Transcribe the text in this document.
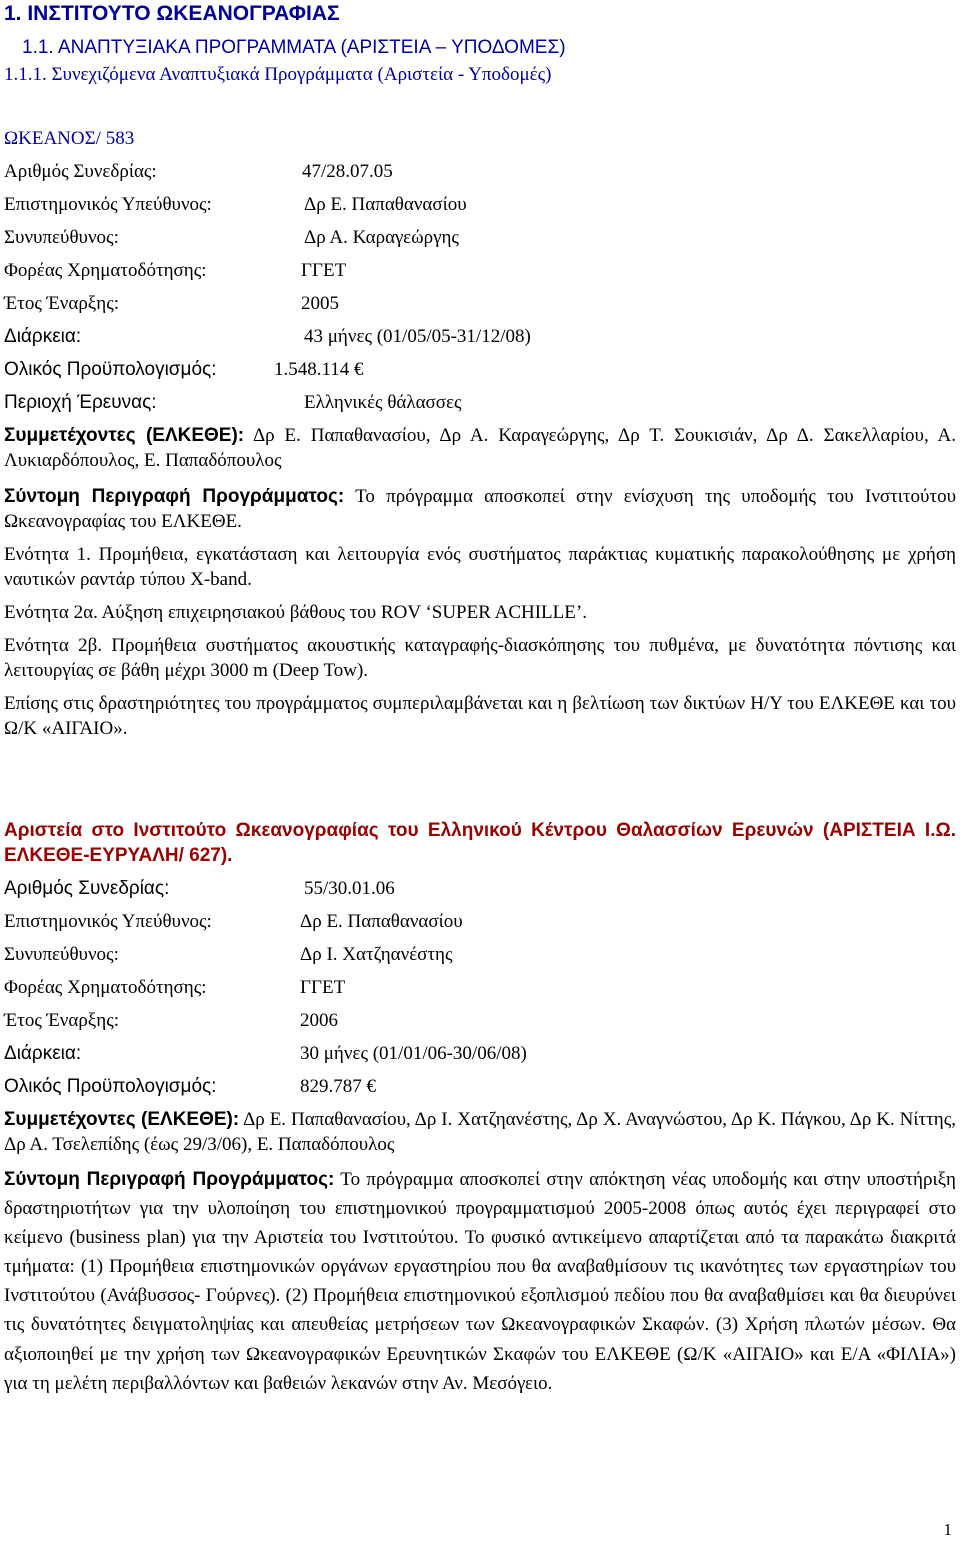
1. ΙΝΣΤΙΤΟΥΤΟ ΩΚΕΑΝΟΓΡΑΦΙΑΣ
1.1. ΑΝΑΠΤΥΞΙΑΚΑ ΠΡΟΓΡΑΜΜΑΤΑ (ΑΡΙΣΤΕΙΑ – ΥΠΟΔΟΜΕΣ)
1.1.1. Συνεχιζόμενα Αναπτυξιακά Προγράμματα (Αριστεία - Υποδομές)
ΩΚΕΑΝΟΣ/ 583
Αριθμός Συνεδρίας:	47/28.07.05
Επιστημονικός Υπεύθυνος:	Δρ Ε. Παπαθανασίου
Συνυπεύθυνος:	Δρ Α. Καραγεώργης
Φορέας Χρηματοδότησης:	ΓΓΕΤ
Έτος Έναρξης:	2005
Διάρκεια:	43 μήνες (01/05/05-31/12/08)
Ολικός Προϋπολογισμός:	1.548.114 €
Περιοχή Έρευνας:	Ελληνικές θάλασσες
Συμμετέχοντες (ΕΛΚΕΘΕ): Δρ Ε. Παπαθανασίου, Δρ Α. Καραγεώργης, Δρ Τ. Σουκισιάν, Δρ Δ. Σακελλαρίου, Α. Λυκιαρδόπουλος, Ε. Παπαδόπουλος
Σύντομη Περιγραφή Προγράμματος: Το πρόγραμμα αποσκοπεί στην ενίσχυση της υποδομής του Ινστιτούτου Ωκεανογραφίας του ΕΛΚΕΘΕ.
Ενότητα 1. Προμήθεια, εγκατάσταση και λειτουργία ενός συστήματος παράκτιας κυματικής παρακολούθησης με χρήση ναυτικών ραντάρ τύπου X-band.
Ενότητα 2α. Αύξηση επιχειρησιακού βάθους του ROV ‘SUPER ACHILLE’.
Ενότητα 2β. Προμήθεια συστήματος ακουστικής καταγραφής-διασκόπησης του πυθμένα, με δυνατότητα πόντισης και λειτουργίας σε βάθη μέχρι 3000 m (Deep Tow).
Επίσης στις δραστηριότητες του προγράμματος συμπεριλαμβάνεται και η βελτίωση των δικτύων Η/Υ του ΕΛΚΕΘΕ και του Ω/Κ «ΑΙΓΑΙΟ».
Αριστεία στο Ινστιτούτο Ωκεανογραφίας του Ελληνικού Κέντρου Θαλασσίων Ερευνών (ΑΡΙΣΤΕΙΑ Ι.Ω. ΕΛΚΕΘΕ-ΕΥΡΥΑΛΗ/ 627).
Αριθμός Συνεδρίας:	55/30.01.06
Επιστημονικός Υπεύθυνος:	Δρ Ε. Παπαθανασίου
Συνυπεύθυνος:	Δρ Ι. Χατζηανέστης
Φορέας Χρηματοδότησης:	ΓΓΕΤ
Έτος Έναρξης:	2006
Διάρκεια:	30 μήνες (01/01/06-30/06/08)
Ολικός Προϋπολογισμός:	829.787 €
Συμμετέχοντες (ΕΛΚΕΘΕ): Δρ Ε. Παπαθανασίου, Δρ Ι. Χατζηανέστης, Δρ Χ. Αναγνώστου, Δρ Κ. Πάγκου, Δρ Κ. Νίττης, Δρ Α. Τσελεπίδης (έως 29/3/06), Ε. Παπαδόπουλος
Σύντομη Περιγραφή Προγράμματος: Το πρόγραμμα αποσκοπεί στην απόκτηση νέας υποδομής και στην υποστήριξη δραστηριοτήτων για την υλοποίηση του επιστημονικού προγραμματισμού 2005-2008 όπως αυτός έχει περιγραφεί στο κείμενο (business plan) για την Αριστεία του Ινστιτούτου. Το φυσικό αντικείμενο απαρτίζεται από τα παρακάτω διακριτά τμήματα: (1) Προμήθεια επιστημονικών οργάνων εργαστηρίου που θα αναβαθμίσουν τις ικανότητες των εργαστηρίων του Ινστιτούτου (Ανάβυσσος- Γούρνες). (2) Προμήθεια επιστημονικού εξοπλισμού πεδίου που θα αναβαθμίσει και θα διευρύνει τις δυνατότητες δειγματοληψίας και απευθείας μετρήσεων των Ωκεανογραφικών Σκαφών. (3) Χρήση πλωτών μέσων. Θα αξιοποιηθεί με την χρήση των Ωκεανογραφικών Ερευνητικών Σκαφών του ΕΛΚΕΘΕ (Ω/Κ «ΑΙΓΑΙΟ» και Ε/Α «ΦΙΛΙΑ») για τη μελέτη περιβαλλόντων και βαθειών λεκανών στην Αν. Μεσόγειο.
1
